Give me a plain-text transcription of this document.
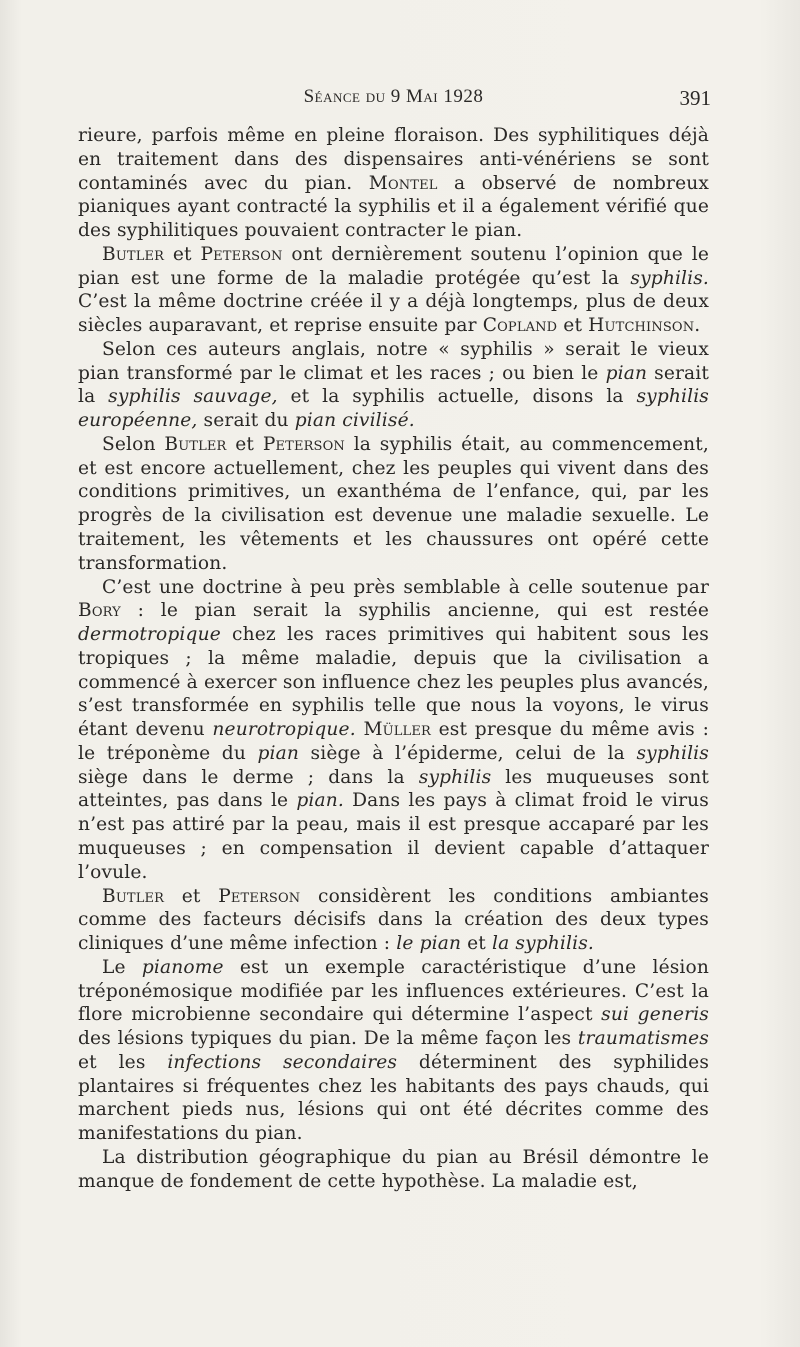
Séance du 9 Mai 1928	391

rieure, parfois même en pleine floraison. Des syphilitiques déjà en traitement dans des dispensaires anti-vénériens se sont contaminés avec du pian. Montel a observé de nombreux pianiques ayant contracté la syphilis et il a également vérifié que des syphilitiques pouvaient contracter le pian.

Butler et Peterson ont dernièrement soutenu l’opinion que le pian est une forme de la maladie protégée qu’est la syphilis. C’est la même doctrine créée il y a déjà longtemps, plus de deux siècles auparavant, et reprise ensuite par Copland et Hutchinson.

Selon ces auteurs anglais, notre « syphilis » serait le vieux pian transformé par le climat et les races ; ou bien le pian serait la syphilis sauvage, et la syphilis actuelle, disons la syphilis européenne, serait du pian civilisé.

Selon Butler et Peterson la syphilis était, au commencement, et est encore actuellement, chez les peuples qui vivent dans des conditions primitives, un exanthéma de l’enfance, qui, par les progrès de la civilisation est devenue une maladie sexuelle. Le traitement, les vêtements et les chaussures ont opéré cette transformation.

C’est une doctrine à peu près semblable à celle soutenue par Bory : le pian serait la syphilis ancienne, qui est restée dermotropique chez les races primitives qui habitent sous les tropiques ; la même maladie, depuis que la civilisation a commencé à exercer son influence chez les peuples plus avancés, s’est transformée en syphilis telle que nous la voyons, le virus étant devenu neurotropique. Müller est presque du même avis : le tréponème du pian siège à l’épiderme, celui de la syphilis siège dans le derme ; dans la syphilis les muqueuses sont atteintes, pas dans le pian. Dans les pays à climat froid le virus n’est pas attiré par la peau, mais il est presque accaparé par les muqueuses ; en compensation il devient capable d’attaquer l’ovule.

Butler et Peterson considèrent les conditions ambiantes comme des facteurs décisifs dans la création des deux types cliniques d’une même infection : le pian et la syphilis.

Le pianome est un exemple caractéristique d’une lésion tréponémosique modifiée par les influences extérieures. C’est la flore microbienne secondaire qui détermine l’aspect sui generis des lésions typiques du pian. De la même façon les traumatismes et les infections secondaires déterminent des syphilides plantaires si fréquentes chez les habitants des pays chauds, qui marchent pieds nus, lésions qui ont été décrites comme des manifestations du pian.

La distribution géographique du pian au Brésil démontre le manque de fondement de cette hypothèse. La maladie est,
